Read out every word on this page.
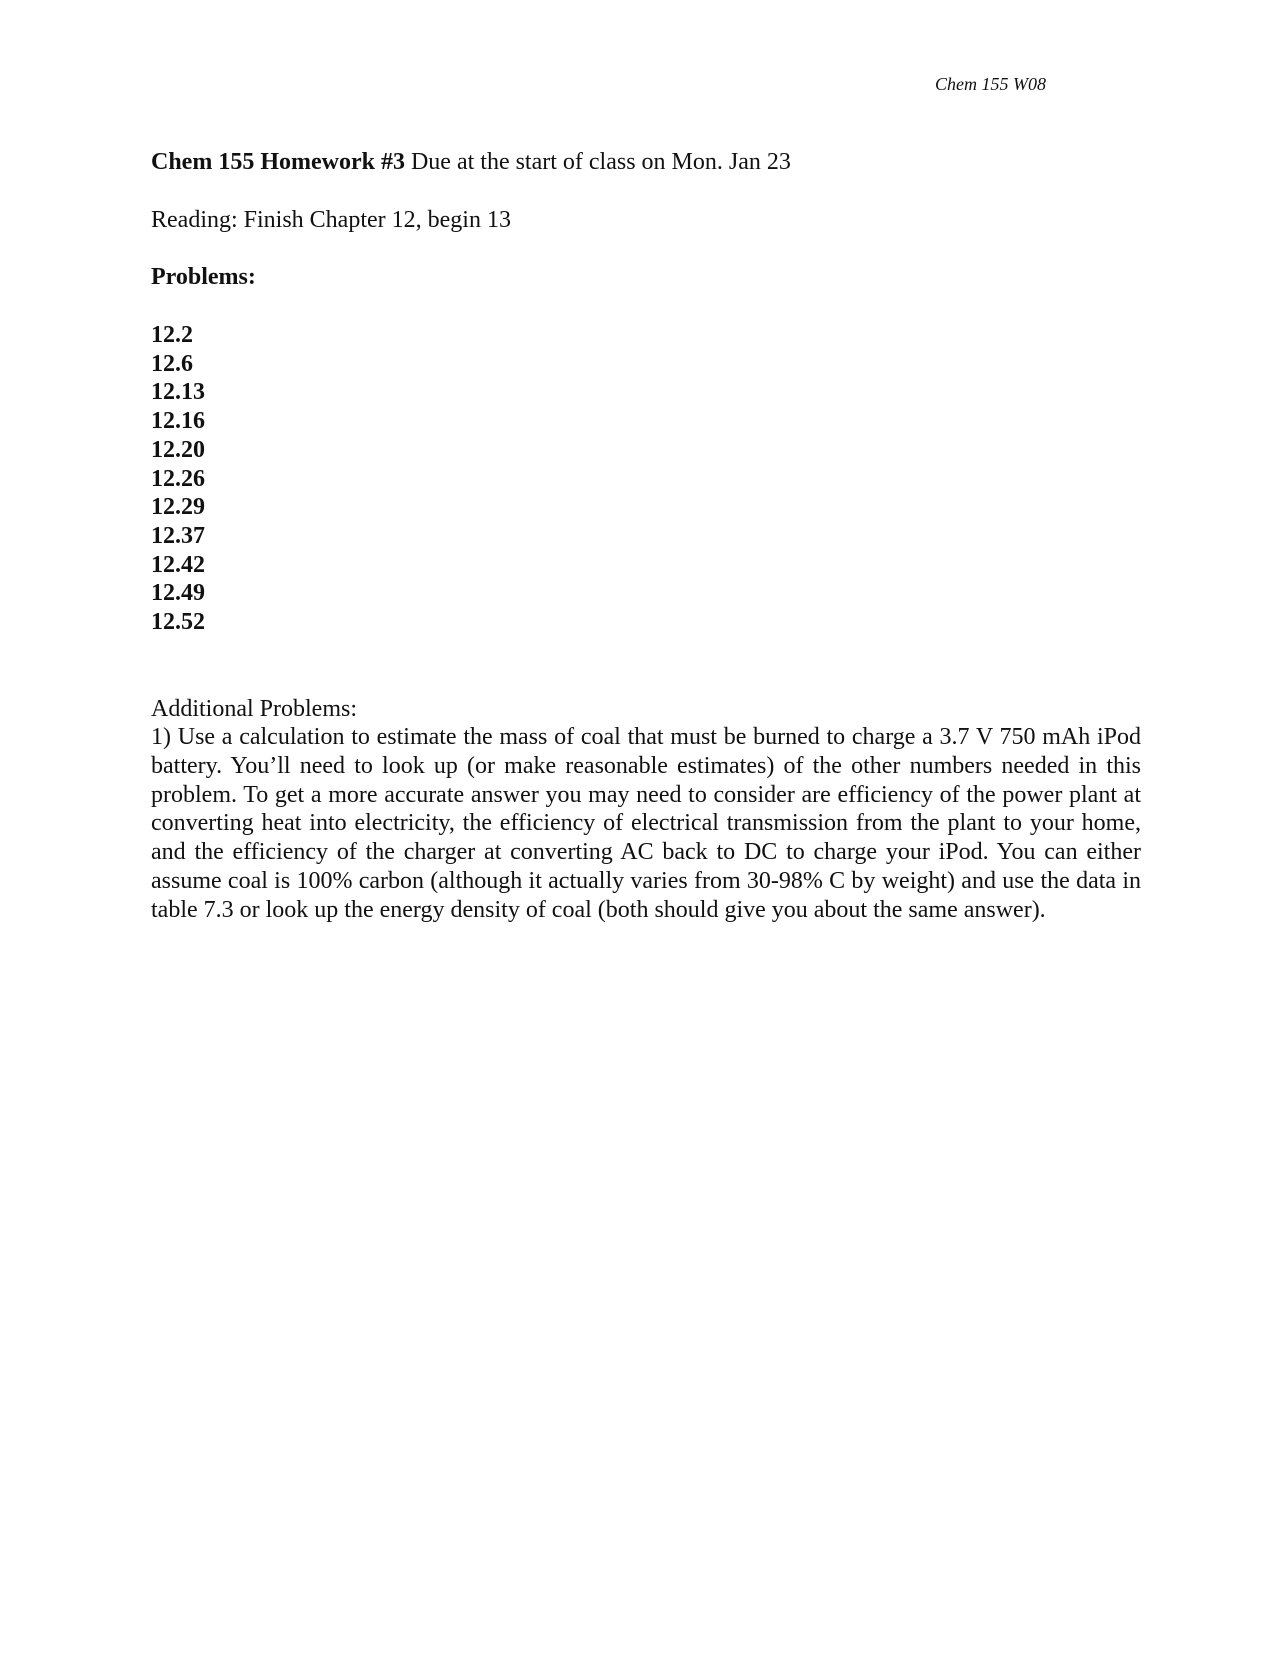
Chem 155 W08

Chem 155 Homework #3 Due at the start of class on Mon. Jan 23

Reading: Finish Chapter 12, begin 13

Problems:

12.2
12.6
12.13
12.16
12.20
12.26
12.29
12.37
12.42
12.49
12.52

Additional Problems:

1) Use a calculation to estimate the mass of coal that must be burned to charge a 3.7 V 750 mAh iPod battery. You’ll need to look up (or make reasonable estimates) of the other numbers needed in this problem. To get a more accurate answer you may need to consider are efficiency of the power plant at converting heat into electricity, the efficiency of electrical transmission from the plant to your home, and the efficiency of the charger at converting AC back to DC to charge your iPod. You can either assume coal is 100% carbon (although it actually varies from 30-98% C by weight) and use the data in table 7.3 or look up the energy density of coal (both should give you about the same answer).
